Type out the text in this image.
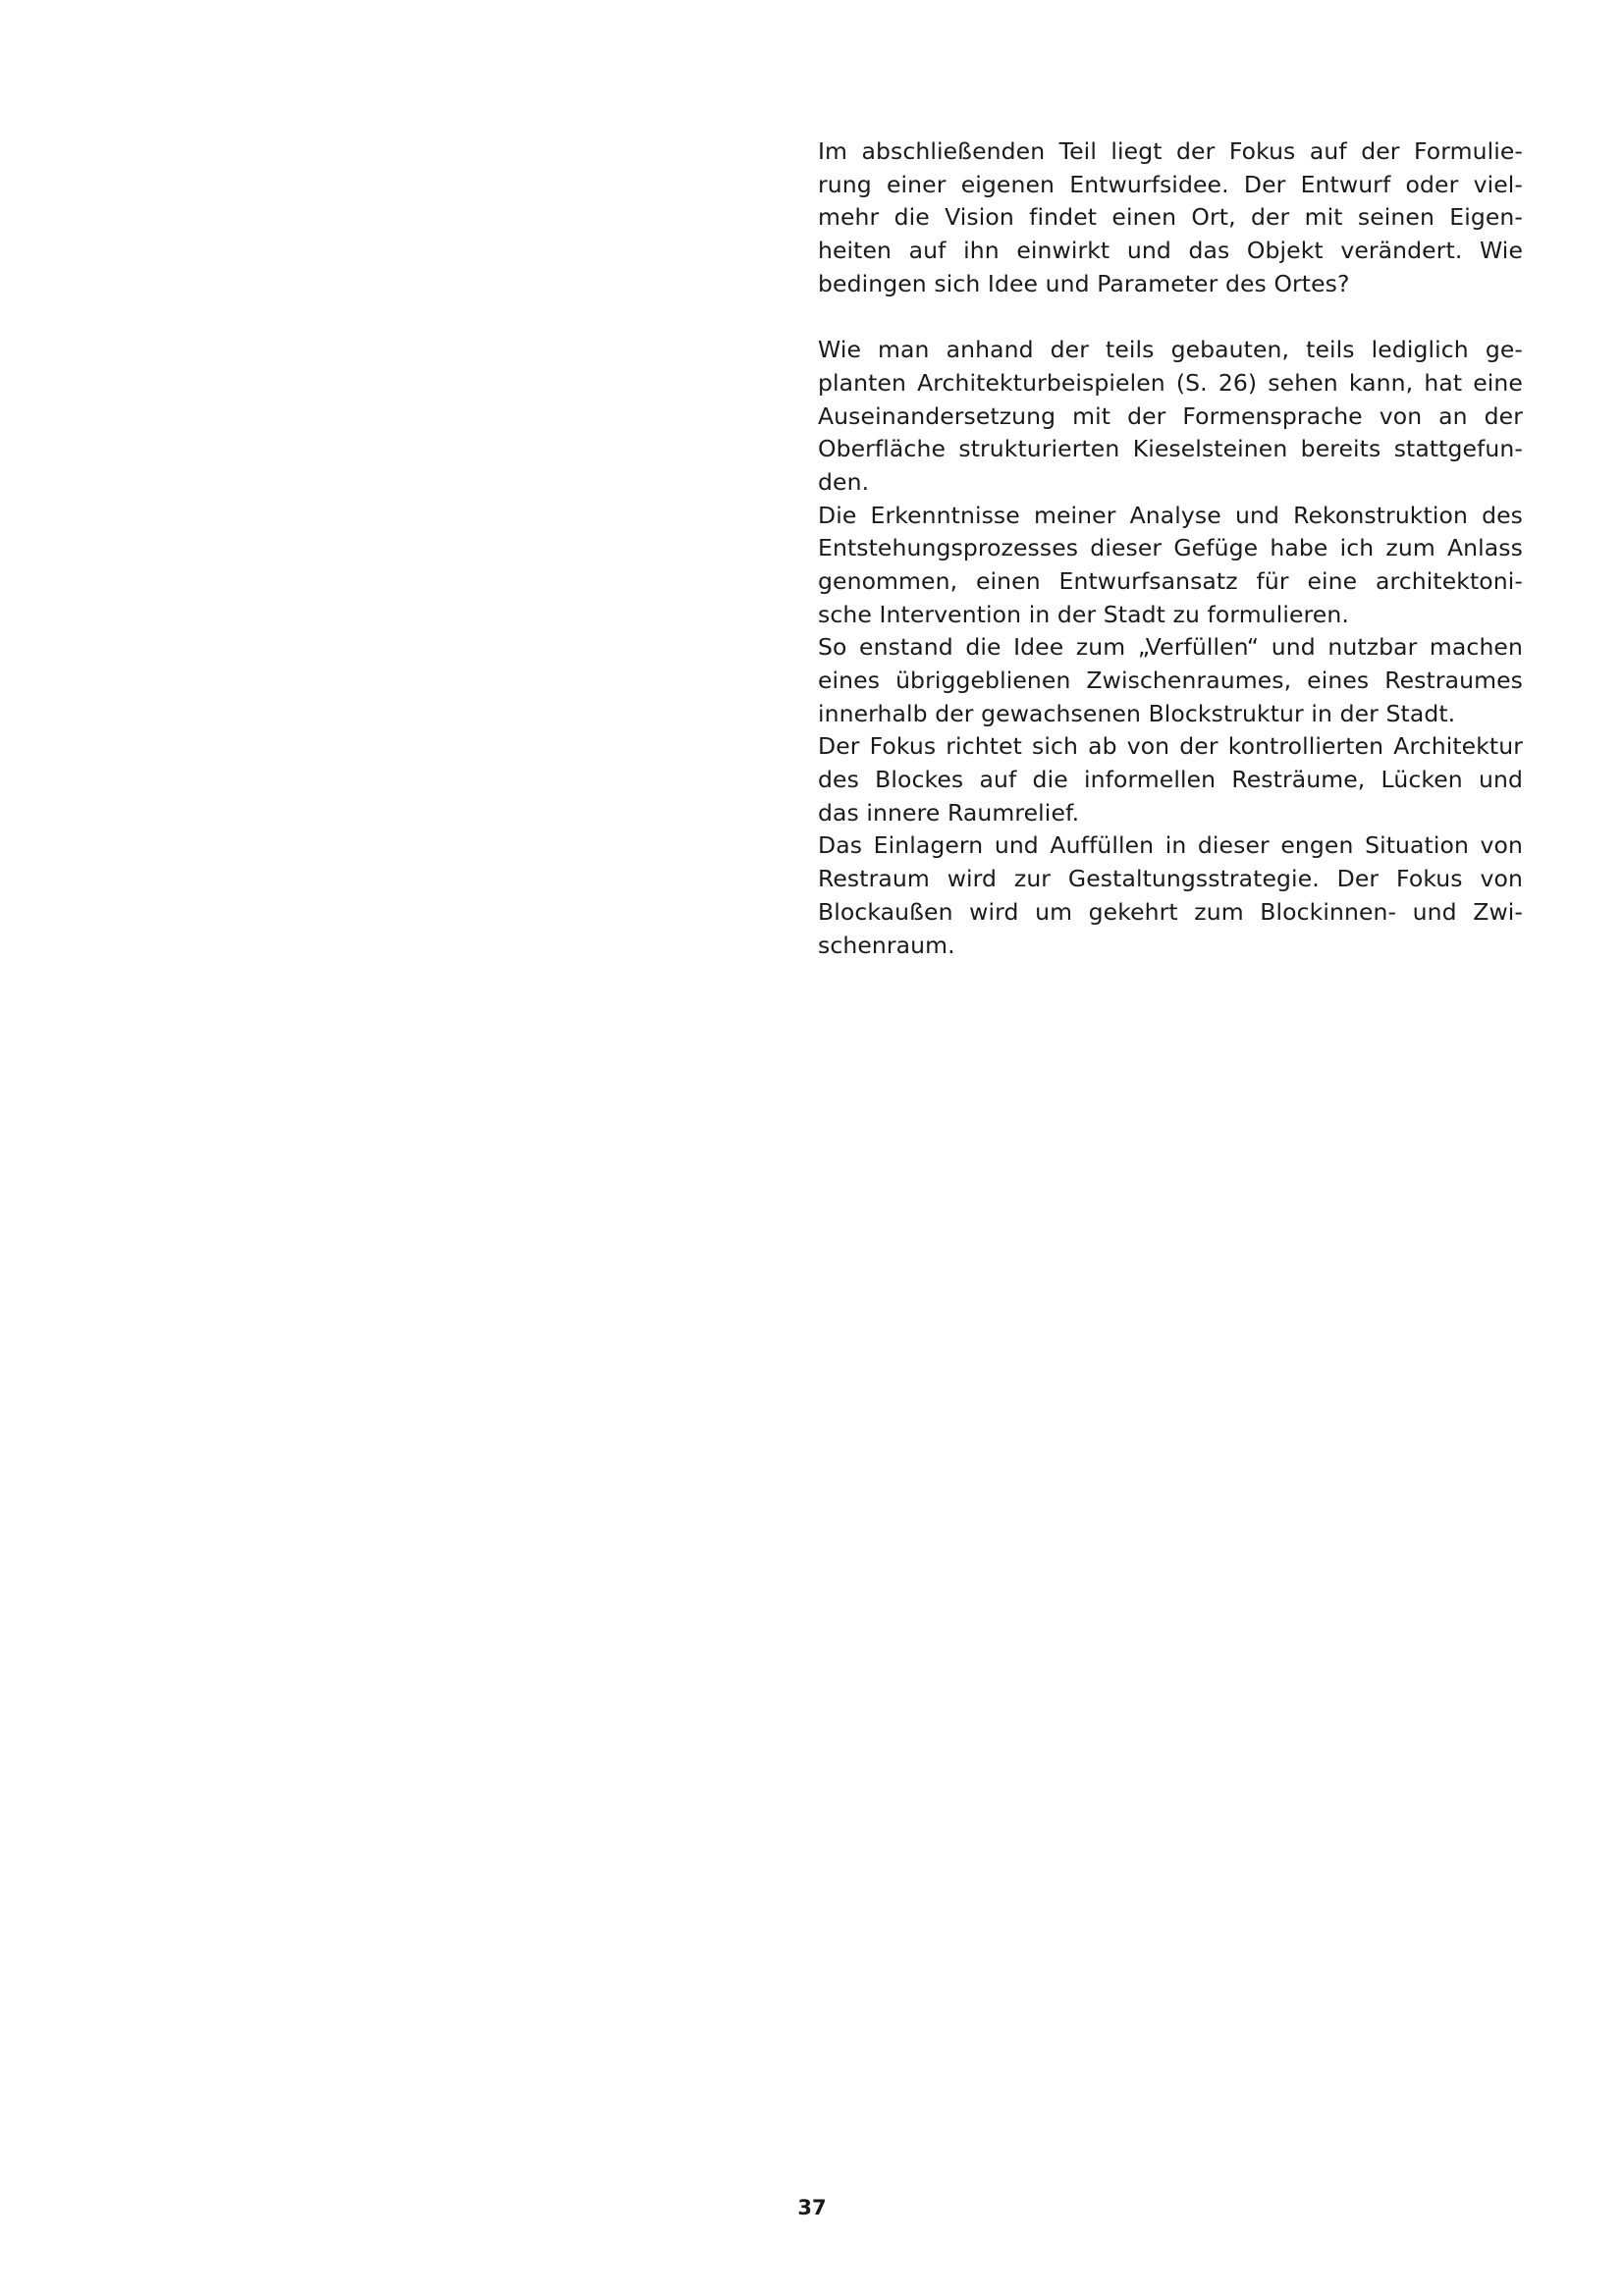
Im abschließenden Teil liegt der Fokus auf der Formulie-
rung einer eigenen Entwurfsidee. Der Entwurf oder viel-
mehr die Vision findet einen Ort, der mit seinen Eigen-
heiten auf ihn einwirkt und das Objekt verändert. Wie
bedingen sich Idee und Parameter des Ortes?
Wie man anhand der teils gebauten, teils lediglich ge-
planten Architekturbeispielen (S. 26) sehen kann, hat eine
Auseinandersetzung mit der Formensprache von an der
Oberfläche strukturierten Kieselsteinen bereits stattgefun-
den.
Die Erkenntnisse meiner Analyse und Rekonstruktion des
Entstehungsprozesses dieser Gefüge habe ich zum Anlass
genommen, einen Entwurfsansatz für eine architektoni-
sche Intervention in der Stadt zu formulieren.
So enstand die Idee zum „Verfüllen“ und nutzbar machen
eines übriggeblienen Zwischenraumes, eines Restraumes
innerhalb der gewachsenen Blockstruktur in der Stadt.
Der Fokus richtet sich ab von der kontrollierten Architektur
des Blockes auf die informellen Resträume, Lücken und
das innere Raumrelief.
Das Einlagern und Auffüllen in dieser engen Situation von
Restraum wird zur Gestaltungsstrategie. Der Fokus von
Blockaußen wird um gekehrt zum Blockinnen- und Zwi-
schenraum.
37
